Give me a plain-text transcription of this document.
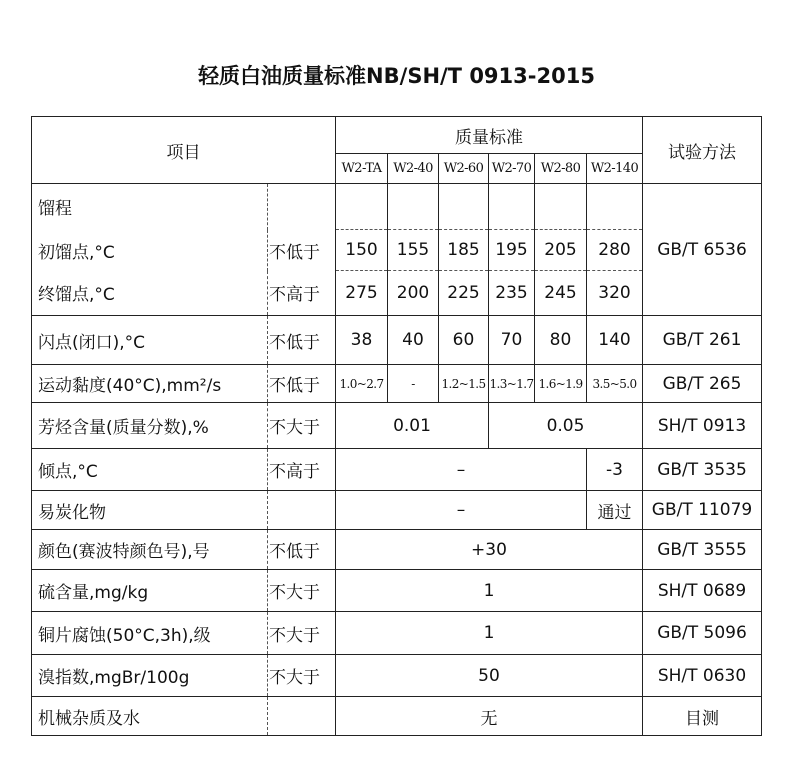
轻质白油质量标准NB/SH/T 0913-2015
项目		质量标准						试验方法
		W2-TA	W2-40	W2-60	W2-70	W2-80	W2-140	
馏程								GB/T 6536
初馏点,°C	不低于	150	155	185	195	205	280	
终馏点,°C	不高于	275	200	225	235	245	320	
闪点(闭口),°C	不低于	38	40	60	70	80	140	GB/T 261
运动黏度(40°C),mm²/s	不低于	1.0~2.7	-	1.2~1.5	1.3~1.7	1.6~1.9	3.5~5.0	GB/T 265
芳烃含量(质量分数),%	不大于	0.01			0.05			SH/T 0913
倾点,°C	不高于	–					-3	GB/T 3535
易炭化物		–					通过	GB/T 11079
颜色(赛波特颜色号),号	不低于	+30						GB/T 3555
硫含量,mg/kg	不大于	1						SH/T 0689
铜片腐蚀(50°C,3h),级	不大于	1						GB/T 5096
溴指数,mgBr/100g	不大于	50						SH/T 0630
机械杂质及水		无						目测
